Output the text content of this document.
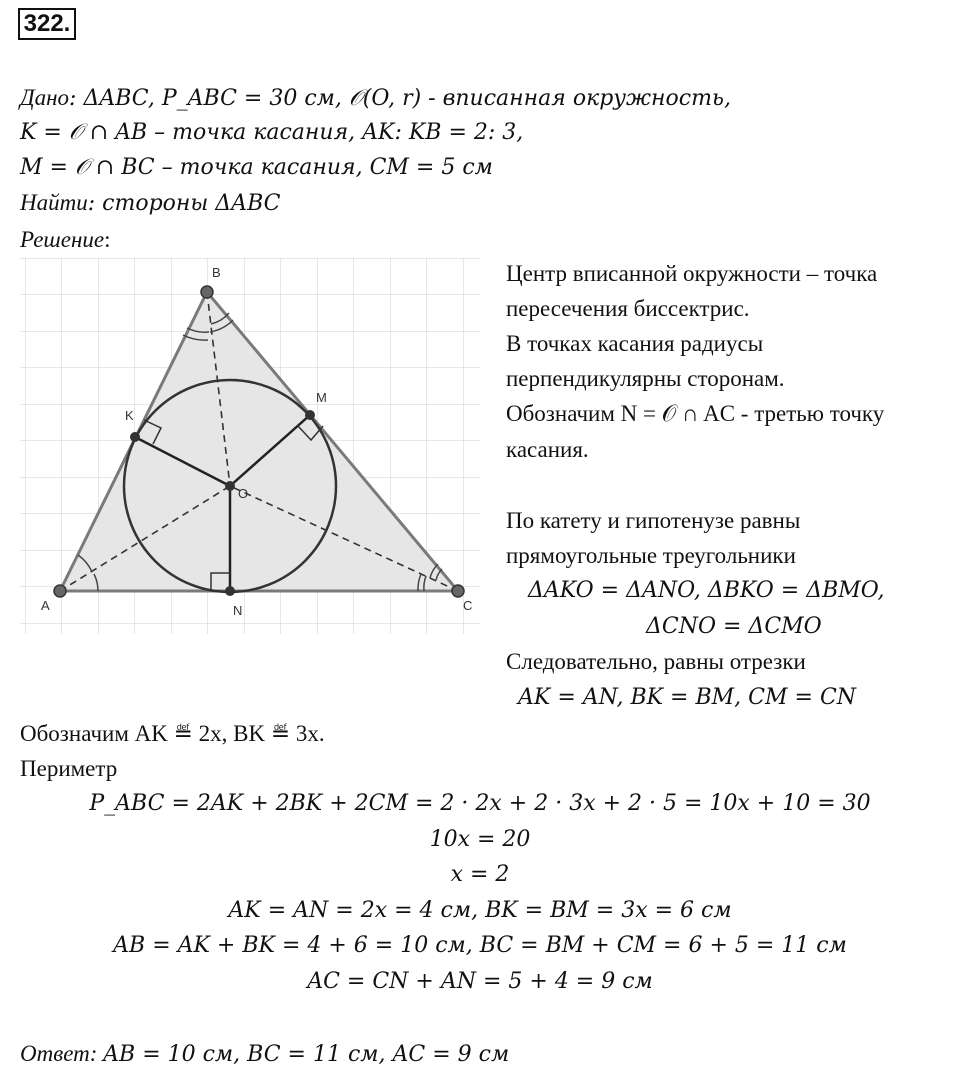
322.
Дано: ΔABC, P_ABC = 30 см, 𝒪(O, r) - вписанная окружность,
K = 𝒪 ∩ AB – точка касания, AK: KB = 2: 3,
M = 𝒪 ∩ BC – точка касания, CM = 5 см
Найти: стороны ΔABC
Решение:
A
B
C
K
M
N
O
Центр вписанной окружности – точка
пересечения биссектрис.
В точках касания радиусы
перпендикулярны сторонам.
Обозначим N = 𝒪 ∩ AC - третью точку
касания.
По катету и гипотенузе равны
прямоугольные треугольники
ΔAKO = ΔANO, ΔBKO = ΔBMO,
ΔCNO = ΔCMO
Следовательно, равны отрезки
AK = AN, BK = BM, CM = CN
Обозначим AK ≝ 2x, BK ≝ 3x.
Периметр
P_ABC = 2AK + 2BK + 2CM = 2 · 2x + 2 · 3x + 2 · 5 = 10x + 10 = 30
10x = 20
x = 2
AK = AN = 2x = 4 см, BK = BM = 3x = 6 см
AB = AK + BK = 4 + 6 = 10 см, BC = BM + CM = 6 + 5 = 11 см
AC = CN + AN = 5 + 4 = 9 см
Ответ: AB = 10 см, BC = 11 см, AC = 9 см
